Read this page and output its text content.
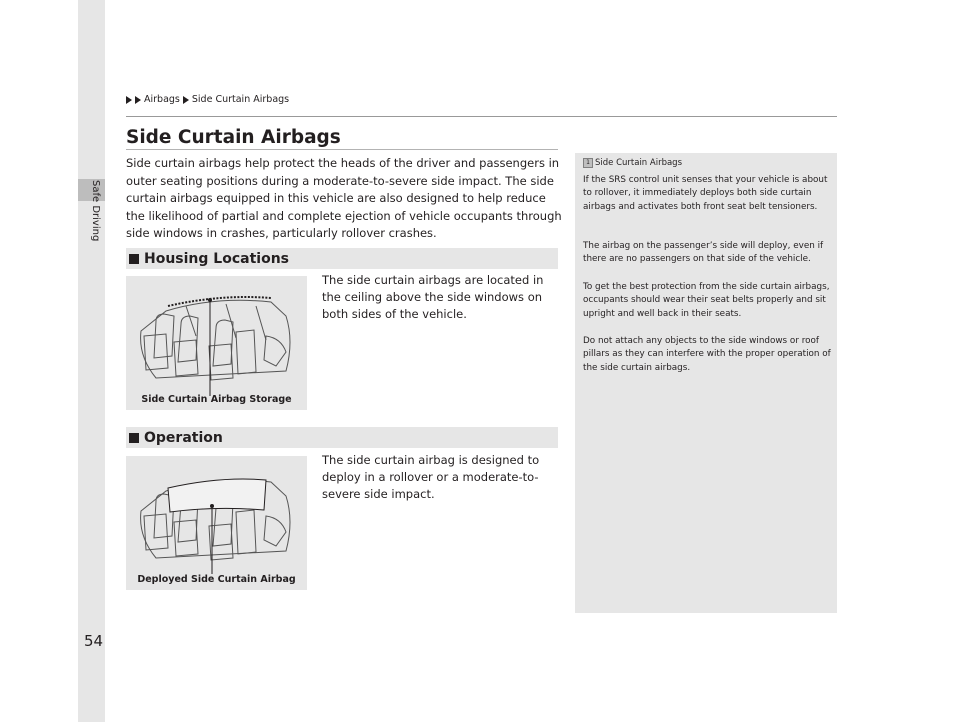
Safe Driving
54
Airbags Side Curtain Airbags
Side Curtain Airbags
Side curtain airbags help protect the heads of the driver and passengers in outer seating positions during a moderate-to-severe side impact. The side curtain airbags equipped in this vehicle are also designed to help reduce the likelihood of partial and complete ejection of vehicle occupants through side windows in crashes, particularly rollover crashes.
Housing Locations
The side curtain airbags are located in the ceiling above the side windows on both sides of the vehicle.
Side Curtain Airbag Storage
Operation
The side curtain airbag is designed to deploy in a rollover or a moderate-to-severe side impact.
Deployed Side Curtain Airbag
1 Side Curtain Airbags
If the SRS control unit senses that your vehicle is about to rollover, it immediately deploys both side curtain airbags and activates both front seat belt tensioners.
The airbag on the passenger’s side will deploy, even if there are no passengers on that side of the vehicle.
To get the best protection from the side curtain airbags, occupants should wear their seat belts properly and sit upright and well back in their seats.
Do not attach any objects to the side windows or roof pillars as they can interfere with the proper operation of the side curtain airbags.
